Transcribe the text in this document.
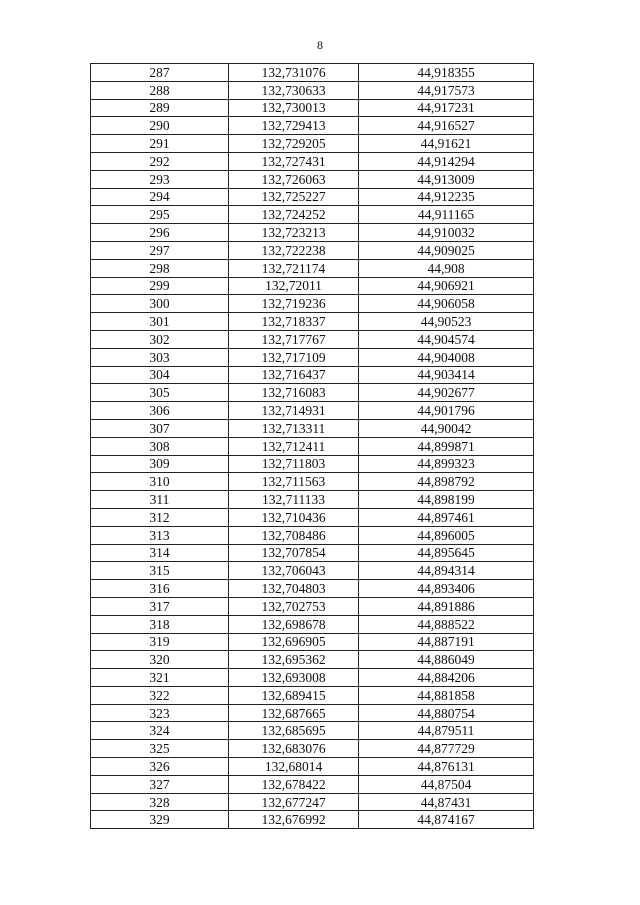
8
287	132,731076	44,918355
288	132,730633	44,917573
289	132,730013	44,917231
290	132,729413	44,916527
291	132,729205	44,91621
292	132,727431	44,914294
293	132,726063	44,913009
294	132,725227	44,912235
295	132,724252	44,911165
296	132,723213	44,910032
297	132,722238	44,909025
298	132,721174	44,908
299	132,72011	44,906921
300	132,719236	44,906058
301	132,718337	44,90523
302	132,717767	44,904574
303	132,717109	44,904008
304	132,716437	44,903414
305	132,716083	44,902677
306	132,714931	44,901796
307	132,713311	44,90042
308	132,712411	44,899871
309	132,711803	44,899323
310	132,711563	44,898792
311	132,711133	44,898199
312	132,710436	44,897461
313	132,708486	44,896005
314	132,707854	44,895645
315	132,706043	44,894314
316	132,704803	44,893406
317	132,702753	44,891886
318	132,698678	44,888522
319	132,696905	44,887191
320	132,695362	44,886049
321	132,693008	44,884206
322	132,689415	44,881858
323	132,687665	44,880754
324	132,685695	44,879511
325	132,683076	44,877729
326	132,68014	44,876131
327	132,678422	44,87504
328	132,677247	44,87431
329	132,676992	44,874167
